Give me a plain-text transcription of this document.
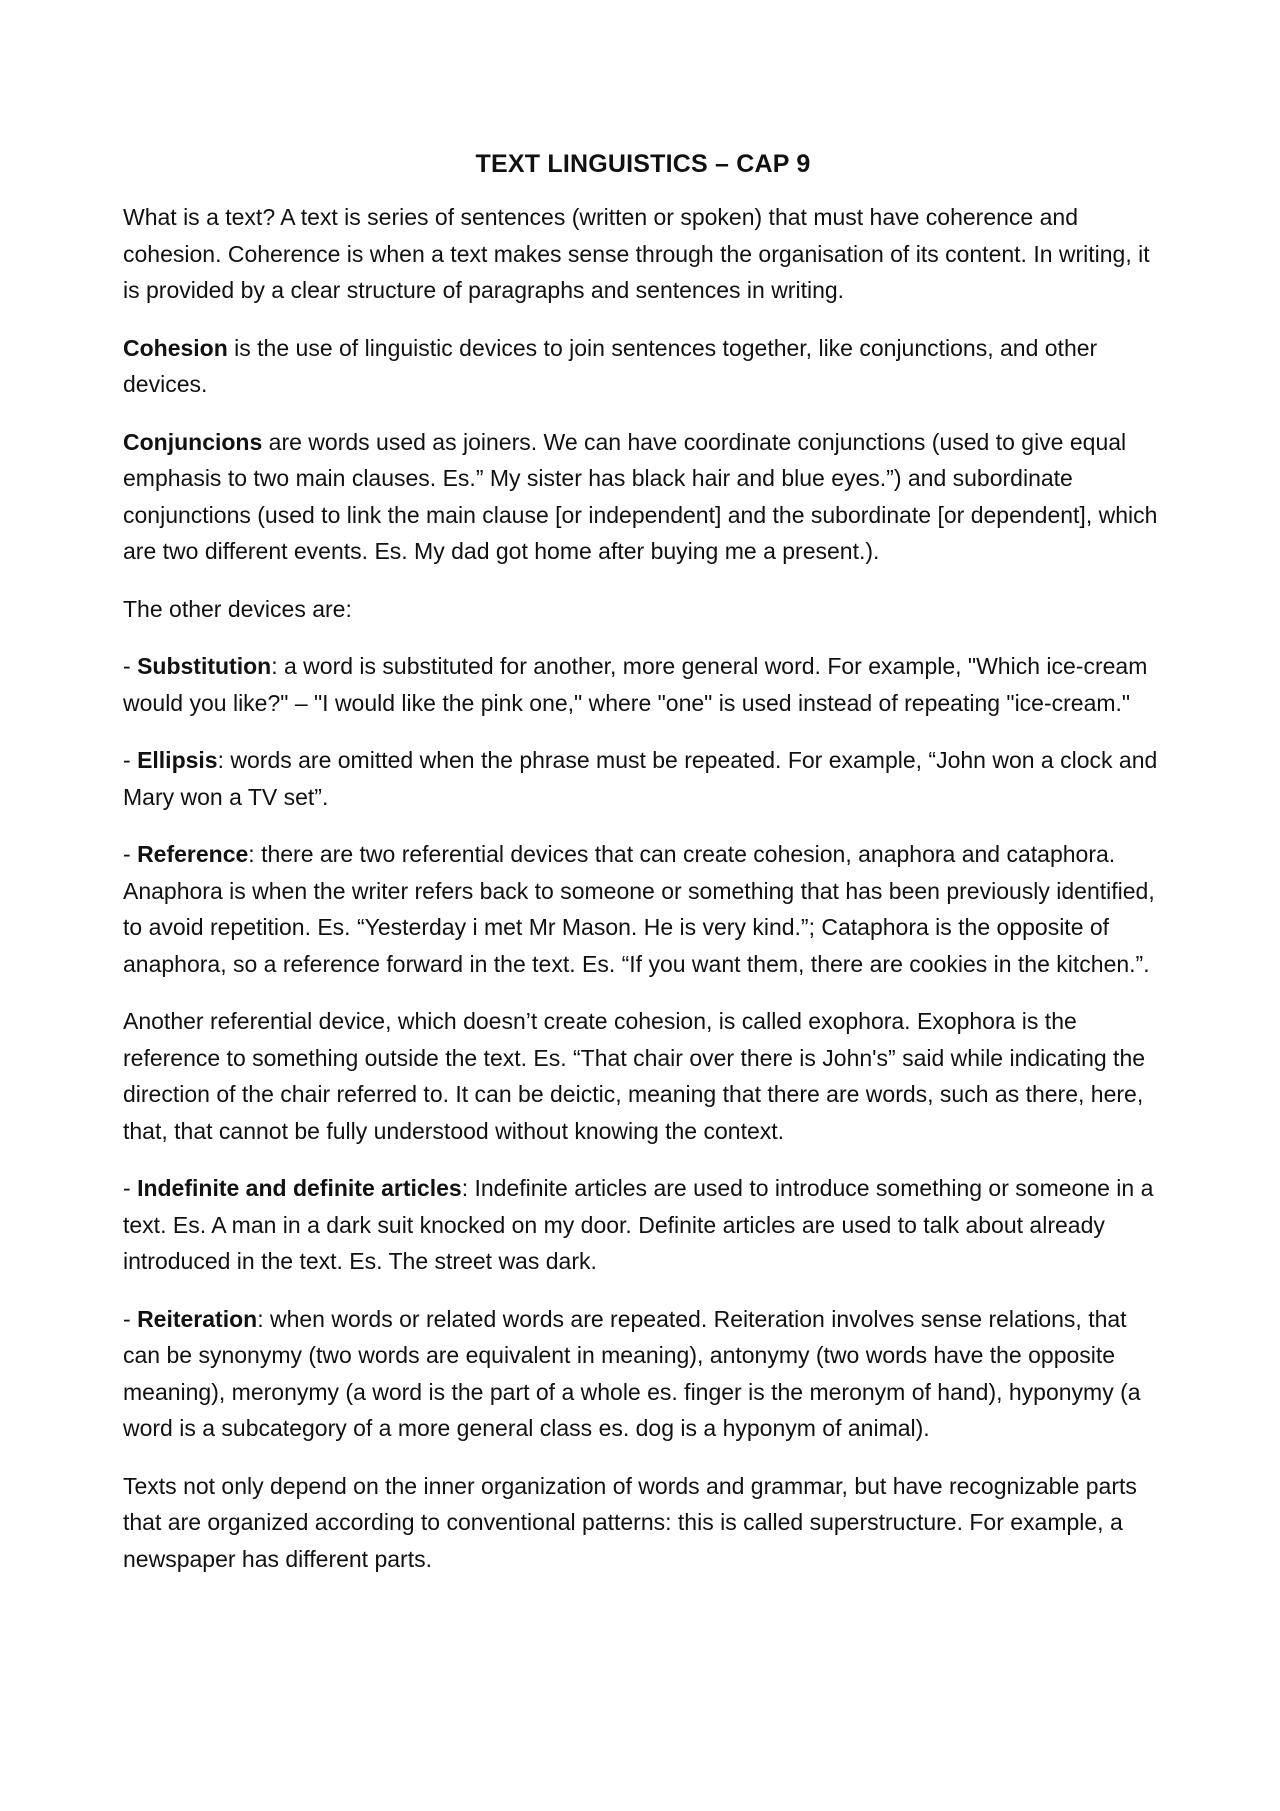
TEXT LINGUISTICS – CAP 9

What is a text? A text is series of sentences (written or spoken) that must have coherence and cohesion. Coherence is when a text makes sense through the organisation of its content. In writing, it is provided by a clear structure of paragraphs and sentences in writing.

Cohesion is the use of linguistic devices to join sentences together, like conjunctions, and other devices.

Conjuncions are words used as joiners. We can have coordinate conjunctions (used to give equal emphasis to two main clauses. Es.” My sister has black hair and blue eyes.”) and subordinate conjunctions (used to link the main clause [or independent] and the subordinate [or dependent], which are two different events. Es. My dad got home after buying me a present.).

The other devices are:

- Substitution: a word is substituted for another, more general word. For example, "Which ice-cream would you like?" – "I would like the pink one," where "one" is used instead of repeating "ice-cream."

- Ellipsis: words are omitted when the phrase must be repeated. For example, “John won a clock and Mary won a TV set”.

- Reference: there are two referential devices that can create cohesion, anaphora and cataphora. Anaphora is when the writer refers back to someone or something that has been previously identified, to avoid repetition. Es. “Yesterday i met Mr Mason. He is very kind.”; Cataphora is the opposite of anaphora, so a reference forward in the text. Es. “If you want them, there are cookies in the kitchen.”.

Another referential device, which doesn’t create cohesion, is called exophora. Exophora is the reference to something outside the text. Es. “That chair over there is John's” said while indicating the direction of the chair referred to. It can be deictic, meaning that there are words, such as there, here, that, that cannot be fully understood without knowing the context.

- Indefinite and definite articles: Indefinite articles are used to introduce something or someone in a text. Es. A man in a dark suit knocked on my door. Definite articles are used to talk about already introduced in the text. Es. The street was dark.

- Reiteration: when words or related words are repeated. Reiteration involves sense relations, that can be synonymy (two words are equivalent in meaning), antonymy (two words have the opposite meaning), meronymy (a word is the part of a whole es. finger is the meronym of hand), hyponymy (a word is a subcategory of a more general class es. dog is a hyponym of animal).

Texts not only depend on the inner organization of words and grammar, but have recognizable parts that are organized according to conventional patterns: this is called superstructure. For example, a newspaper has different parts.
